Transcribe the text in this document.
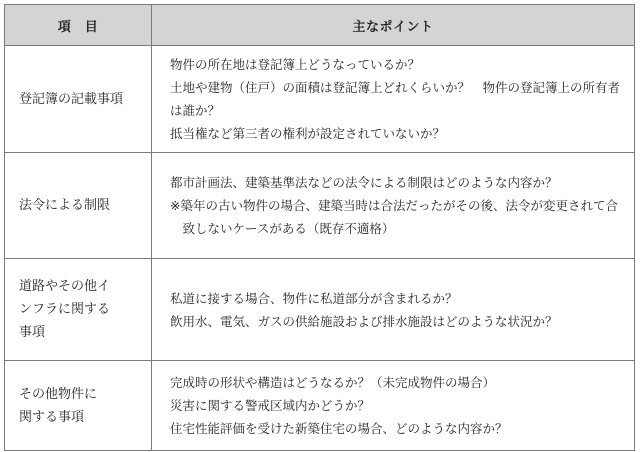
項　目	主なポイント
登記簿の記載事項	物件の所在地は登記簿上どうなっているか？
土地や建物（住戸）の面積は登記簿上どれくらいか？　物件の登記簿上の所有者は誰か？
抵当権など第三者の権利が設定されていないか？

法令による制限	都市計画法、建築基準法などの法令による制限はどのような内容か？
※築年の古い物件の場合、建築当時は合法だったがその後、法令が変更されて合致しないケースがある（既存不適格）

道路やその他インフラに関する事項	私道に接する場合、物件に私道部分が含まれるか？
飲用水、電気、ガスの供給施設および排水施設はどのような状況か？

その他物件に関する事項	完成時の形状や構造はどうなるか？（未完成物件の場合）
災害に関する警戒区域内かどうか？
住宅性能評価を受けた新築住宅の場合、どのような内容か？
